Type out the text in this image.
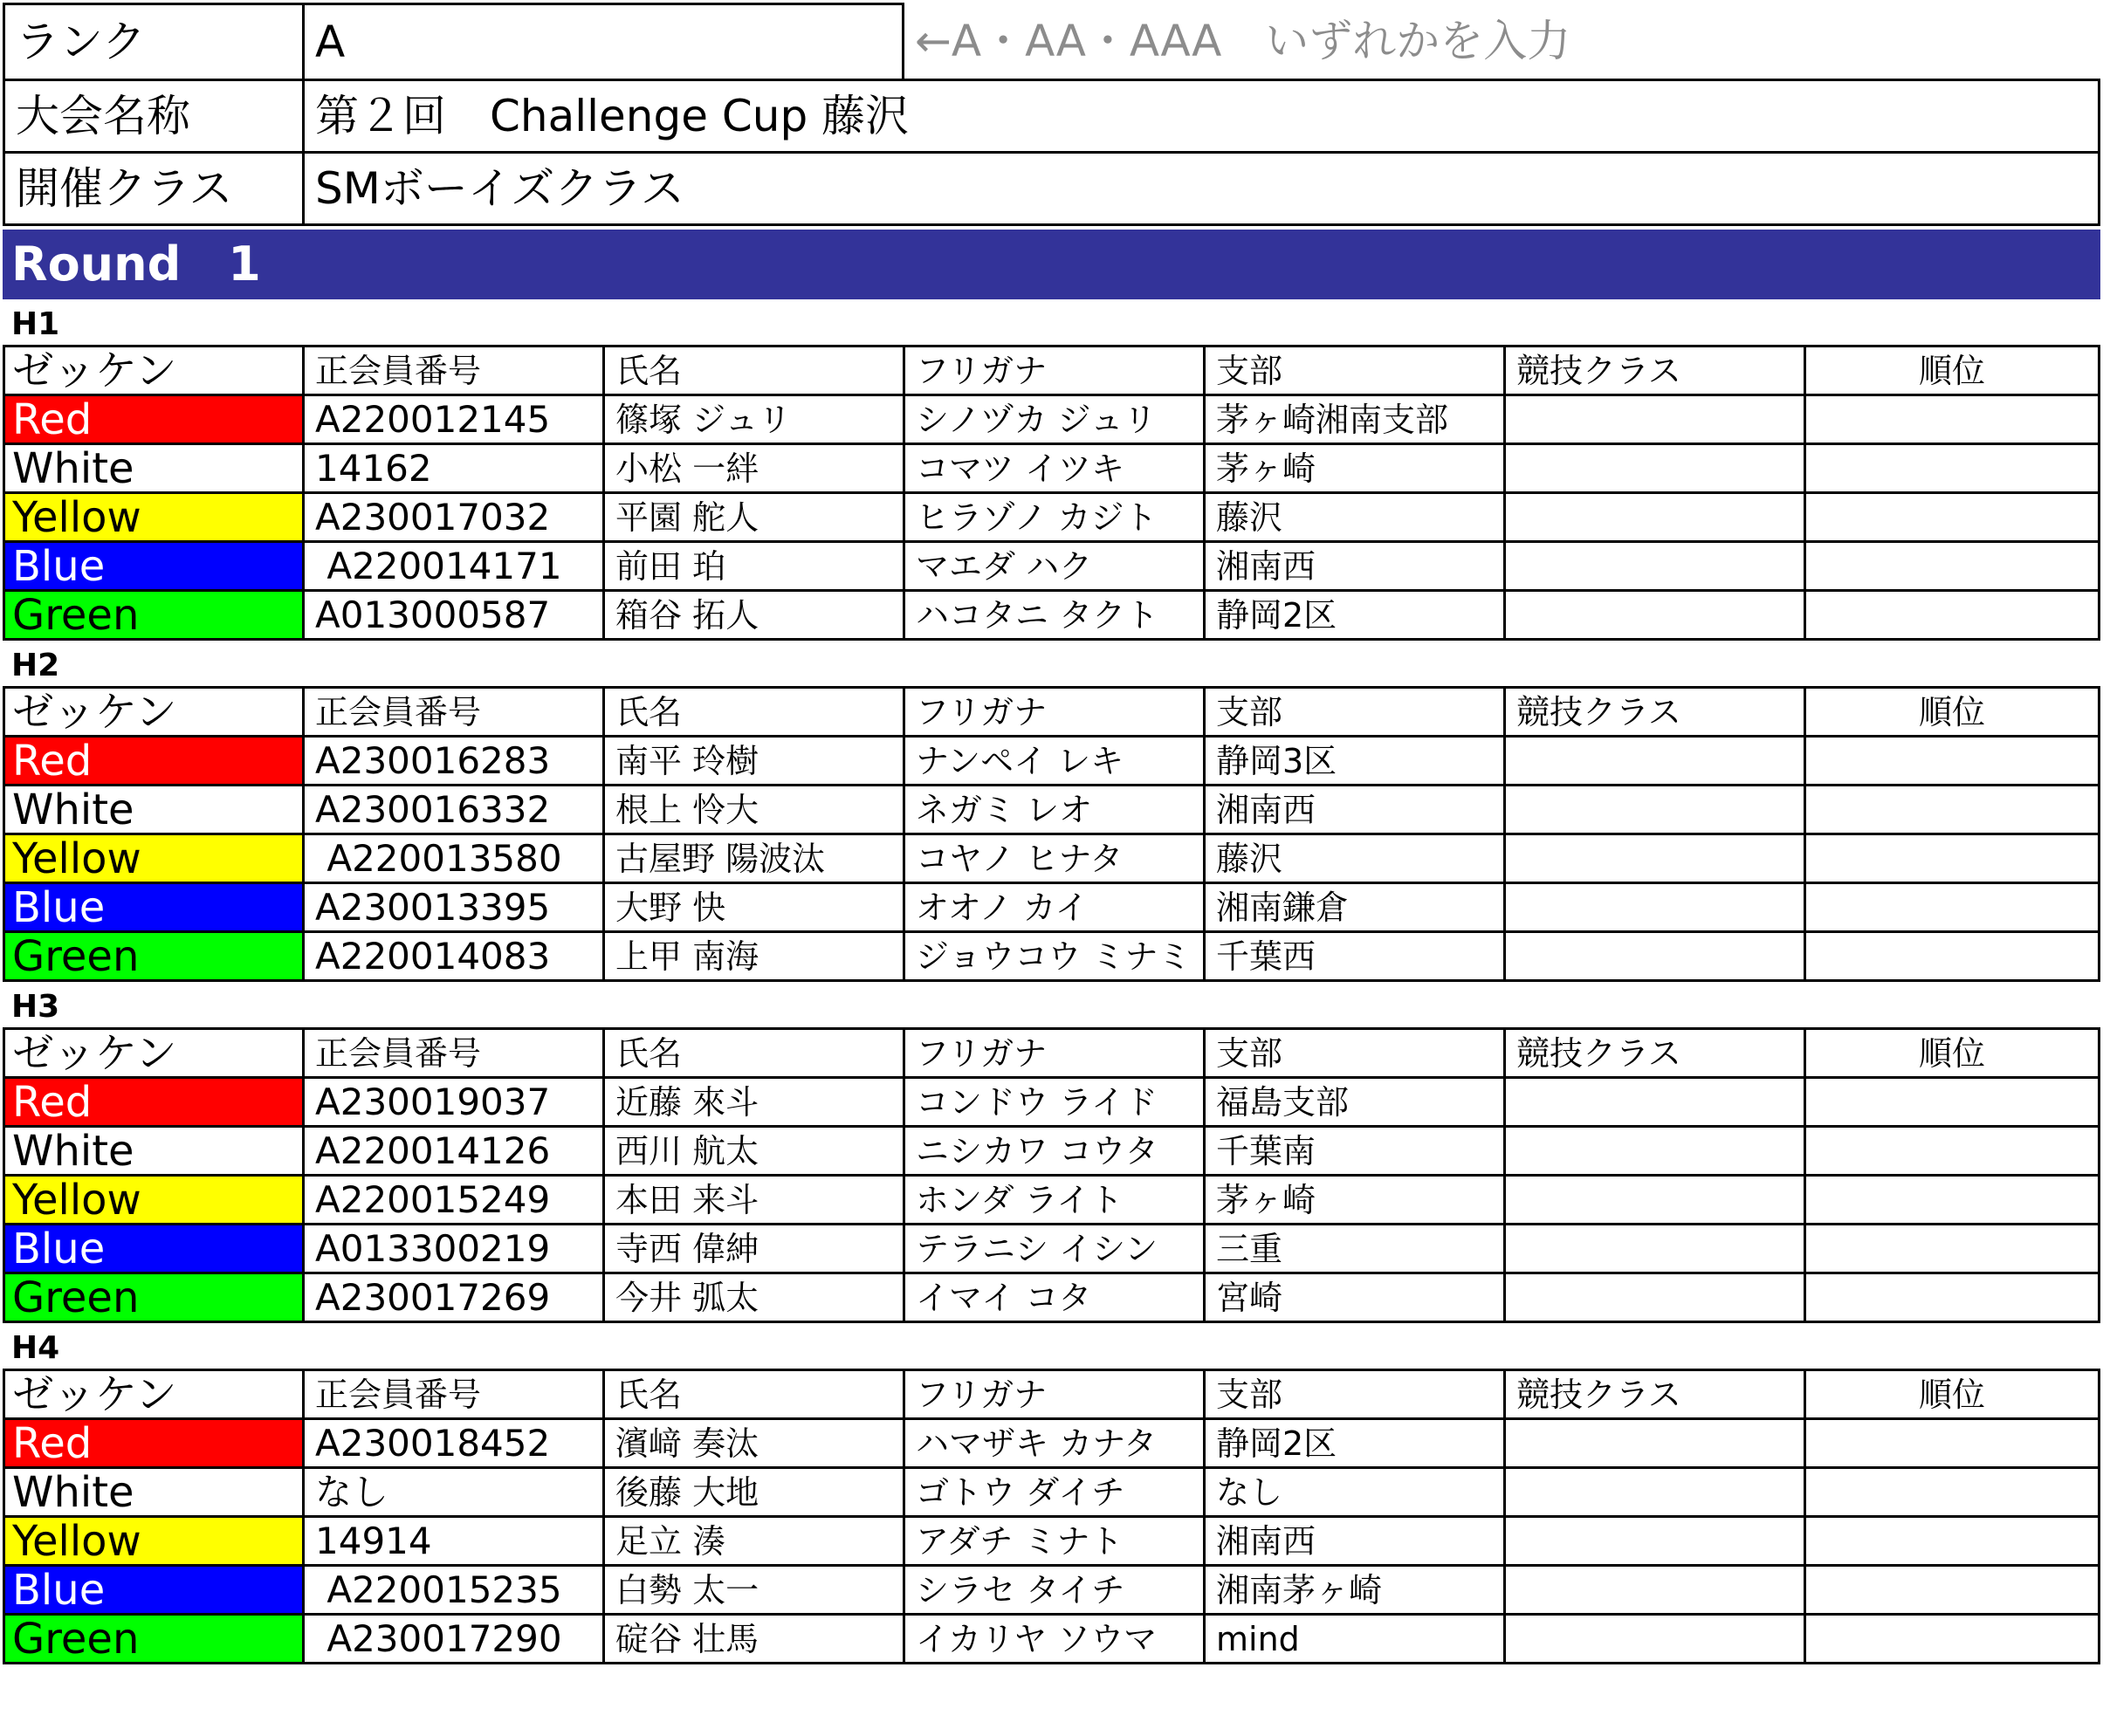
ランク	A	←A・AA・AAA　いずれかを入力
大会名称	第２回　Challenge Cup 藤沢	
開催クラス	SMボーイズクラス	
Round　1
H1
ゼッケン	正会員番号	氏名	フリガナ	支部	競技クラス	順位
Red	A220012145	篠塚 ジュリ	シノヅカ ジュリ	茅ヶ崎湘南支部		
White	14162	小松 一絆	コマツ イツキ	茅ヶ崎		
Yellow	A230017032	平園 舵人	ヒラゾノ カジト	藤沢		
Blue	A220014171	前田 珀	マエダ ハク	湘南西		
Green	A013000587	箱谷 拓人	ハコタニ タクト	静岡2区		
H2
ゼッケン	正会員番号	氏名	フリガナ	支部	競技クラス	順位
Red	A230016283	南平 玲樹	ナンペイ レキ	静岡3区		
White	A230016332	根上 怜大	ネガミ レオ	湘南西		
Yellow	A220013580	古屋野 陽波汰	コヤノ ヒナタ	藤沢		
Blue	A230013395	大野 快	オオノ カイ	湘南鎌倉		
Green	A220014083	上甲 南海	ジョウコウ ミナミ	千葉西		
H3
ゼッケン	正会員番号	氏名	フリガナ	支部	競技クラス	順位
Red	A230019037	近藤 來斗	コンドウ ライド	福島支部		
White	A220014126	西川 航太	ニシカワ コウタ	千葉南		
Yellow	A220015249	本田 来斗	ホンダ ライト	茅ヶ崎		
Blue	A013300219	寺西 偉紳	テラニシ イシン	三重		
Green	A230017269	今井 弧太	イマイ コタ	宮崎		
H4
ゼッケン	正会員番号	氏名	フリガナ	支部	競技クラス	順位
Red	A230018452	濱﨑 奏汰	ハマザキ カナタ	静岡2区		
White	なし	後藤 大地	ゴトウ ダイチ	なし		
Yellow	14914	足立 湊	アダチ ミナト	湘南西		
Blue	A220015235	白勢 太一	シラセ タイチ	湘南茅ヶ崎		
Green	A230017290	碇谷 壮馬	イカリヤ ソウマ	mind		
